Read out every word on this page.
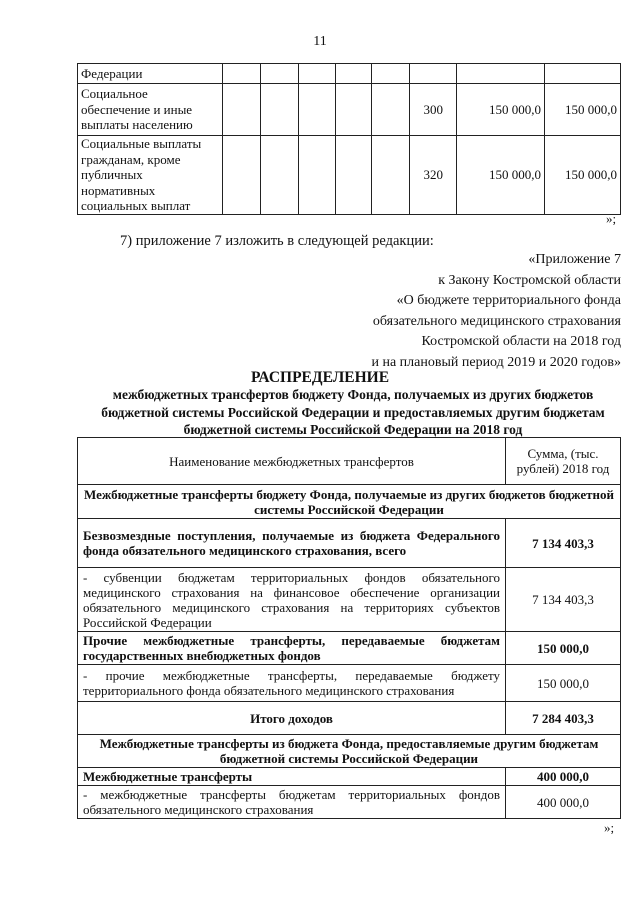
11
Федерации								
Социальное обеспечение и иные выплаты населению						300	150 000,0	150 000,0
Социальные выплаты гражданам, кроме публичных нормативных социальных выплат						320	150 000,0	150 000,0
»;
7) приложение 7 изложить в следующей редакции:
«Приложение 7
к Закону Костромской области
«О бюджете территориального фонда
обязательного медицинского страхования
Костромской области на 2018 год
и на плановый период 2019 и 2020 годов»
РАСПРЕДЕЛЕНИЕ
межбюджетных трансфертов бюджету Фонда, получаемых из других бюджетов бюджетной системы Российской Федерации и предоставляемых другим бюджетам бюджетной системы Российской Федерации на 2018 год
Наименование межбюджетных трансфертов	Сумма, (тыс. рублей) 2018 год
Межбюджетные трансферты бюджету Фонда, получаемые из других бюджетов бюджетной системы Российской Федерации	
Безвозмездные поступления, получаемые из бюджета Федерального фонда обязательного медицинского страхования, всего	7 134 403,3
- субвенции бюджетам территориальных фондов обязательного медицинского страхования на финансовое обеспечение организации обязательного медицинского страхования на территориях субъектов Российской Федерации	7 134 403,3
Прочие межбюджетные трансферты, передаваемые бюджетам государственных внебюджетных фондов	150 000,0
- прочие межбюджетные трансферты, передаваемые бюджету территориального фонда обязательного медицинского страхования	150 000,0
Итого доходов	7 284 403,3
Межбюджетные трансферты из бюджета Фонда, предоставляемые другим бюджетам бюджетной системы Российской Федерации	
Межбюджетные трансферты	400 000,0
- межбюджетные трансферты бюджетам территориальных фондов обязательного медицинского страхования	400 000,0
»;
